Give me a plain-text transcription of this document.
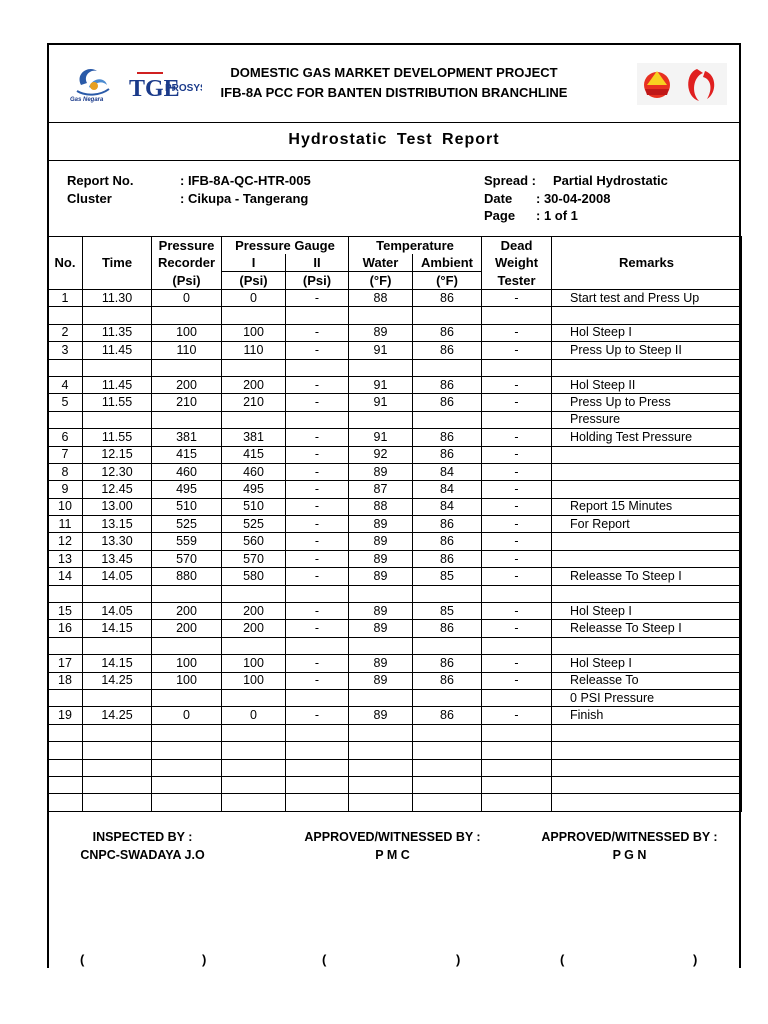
Gas Negara TGE
PROSY
DOMESTIC GAS MARKET DEVELOPMENT PROJECT
IFB-8A PCC FOR BANTEN DISTRIBUTION BRANCHLINE
Hydrostatic Test Report
Report No.	: IFB-8A-QC-HTR-005
Cluster	: Cikupa - Tangerang
Spread : Partial Hydrostatic
Date : 30-04-2008
Page : 1 of 1
		Pressure	Pressure Gauge		Temperature		Dead	
No.	Time	Recorder	I	II	Water	Ambient	Weight	Remarks
		(Psi)	(Psi)	(Psi)	(°F)	(°F)	Tester	
1	11.30	0	0	-	88	86	-	Start test and Press Up

2	11.35	100	100	-	89	86	-	Hol Steep I
3	11.45	110	110	-	91	86	-	Press Up to Steep II

4	11.45	200	200	-	91	86	-	Hol Steep II
5	11.55	210	210	-	91	86	-	Press Up to Press
								Pressure
6	11.55	381	381	-	91	86	-	Holding Test Pressure
7	12.15	415	415	-	92	86	-	
8	12.30	460	460	-	89	84	-	
9	12.45	495	495	-	87	84	-	
10	13.00	510	510	-	88	84	-	Report 15 Minutes
11	13.15	525	525	-	89	86	-	For Report
12	13.30	559	560	-	89	86	-	
13	13.45	570	570	-	89	86	-	
14	14.05	880	580	-	89	85	-	Releasse To Steep I

15	14.05	200	200	-	89	85	-	Hol Steep I
16	14.15	200	200	-	89	86	-	Releasse To Steep I

17	14.15	100	100	-	89	86	-	Hol Steep I
18	14.25	100	100	-	89	86	-	Releasse To
								0 PSI Pressure
19	14.25	0	0	-	89	86	-	Finish

INSPECTED BY :
CNPC-SWADAYA J.O
APPROVED/WITNESSED BY :
P M C
APPROVED/WITNESSED BY :
P G N
(	)	(	)	(	)
